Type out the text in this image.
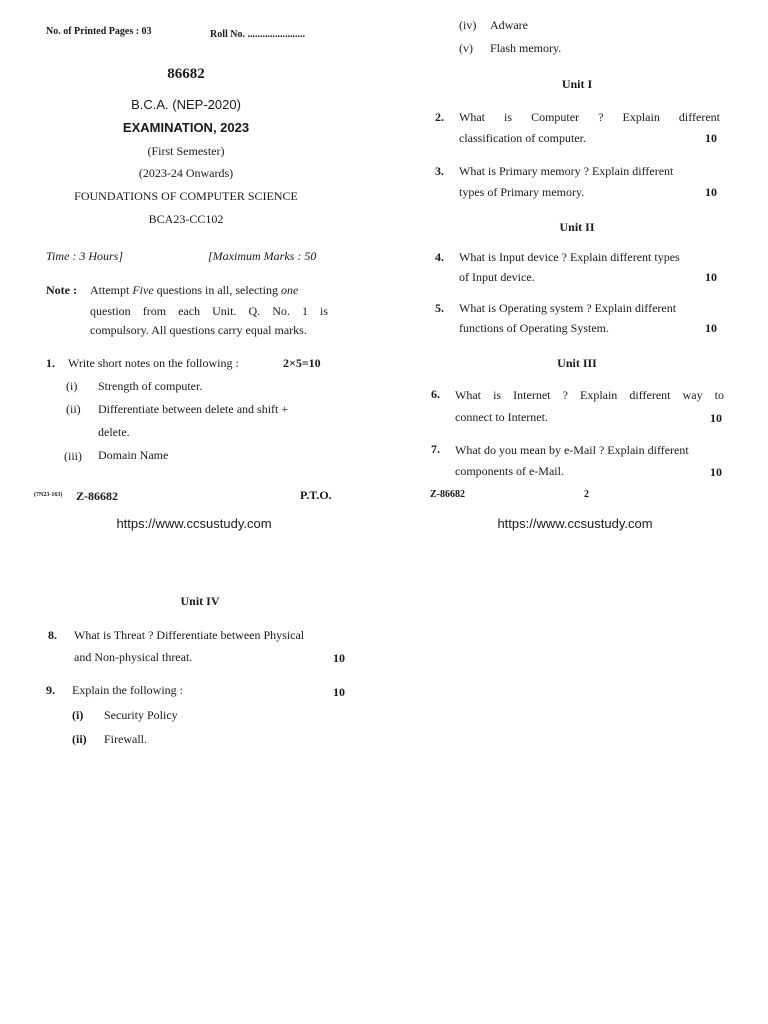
No. of Printed Pages : 03	Roll No. .......................
86682
B.C.A. (NEP-2020)
EXAMINATION, 2023
(First Semester)
(2023-24 Onwards)
FOUNDATIONS OF COMPUTER SCIENCE
BCA23-CC102
Time : 3 Hours]	[Maximum Marks : 50
Note : Attempt Five questions in all, selecting one
question from each Unit. Q. No. 1 is
compulsory. All questions carry equal marks.
1. Write short notes on the following :	2×5=10
(i) Strength of computer.
(ii) Differentiate between delete and shift +
delete.
(iii) Domain Name
(7N23-163) Z-86682	P.T.O.
https://www.ccsustudy.com
(iv) Adware
(v) Flash memory.
Unit I
2. What is Computer ? Explain different
classification of computer.	10
3. What is Primary memory ? Explain different
types of Primary memory.	10
Unit II
4. What is Input device ? Explain different types
of Input device.	10
5. What is Operating system ? Explain different
functions of Operating System.	10
Unit III
6. What is Internet ? Explain different way to
connect to Internet.	10
7. What do you mean by e-Mail ? Explain different
components of e-Mail.	10
Z-86682	2
https://www.ccsustudy.com
Unit IV
8. What is Threat ? Differentiate between Physical
and Non-physical threat.	10
9. Explain the following :	10
(i) Security Policy
(ii) Firewall.
